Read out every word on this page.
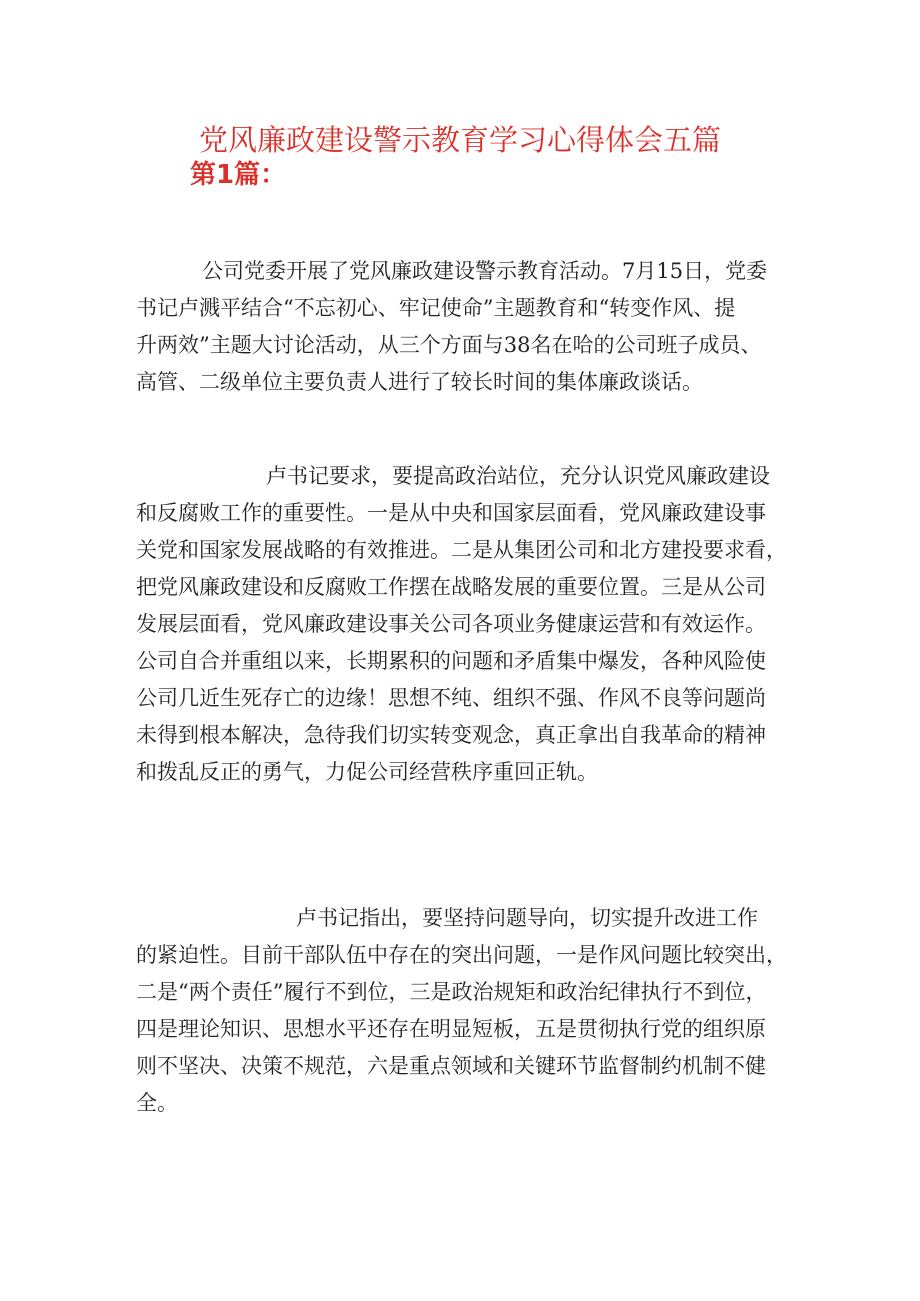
党风廉政建设警示教育学习心得体会五篇
第1篇：

公司党委开展了党风廉政建设警示教育活动。7月15日，党委
书记卢溅平结合“不忘初心、牢记使命”主题教育和“转变作风、提
升两效”主题大讨论活动，从三个方面与38名在哈的公司班子成员、
高管、二级单位主要负责人进行了较长时间的集体廉政谈话。

卢书记要求，要提高政治站位，充分认识党风廉政建设
和反腐败工作的重要性。一是从中央和国家层面看，党风廉政建设事
关党和国家发展战略的有效推进。二是从集团公司和北方建投要求看，
把党风廉政建设和反腐败工作摆在战略发展的重要位置。三是从公司
发展层面看，党风廉政建设事关公司各项业务健康运营和有效运作。
公司自合并重组以来，长期累积的问题和矛盾集中爆发，各种风险使
公司几近生死存亡的边缘！思想不纯、组织不强、作风不良等问题尚
未得到根本解决，急待我们切实转变观念，真正拿出自我革命的精神
和拨乱反正的勇气，力促公司经营秩序重回正轨。

卢书记指出，要坚持问题导向，切实提升改进工作
的紧迫性。目前干部队伍中存在的突出问题，一是作风问题比较突出，
二是“两个责任”履行不到位，三是政治规矩和政治纪律执行不到位，
四是理论知识、思想水平还存在明显短板，五是贯彻执行党的组织原
则不坚决、决策不规范，六是重点领域和关键环节监督制约机制不健
全。
